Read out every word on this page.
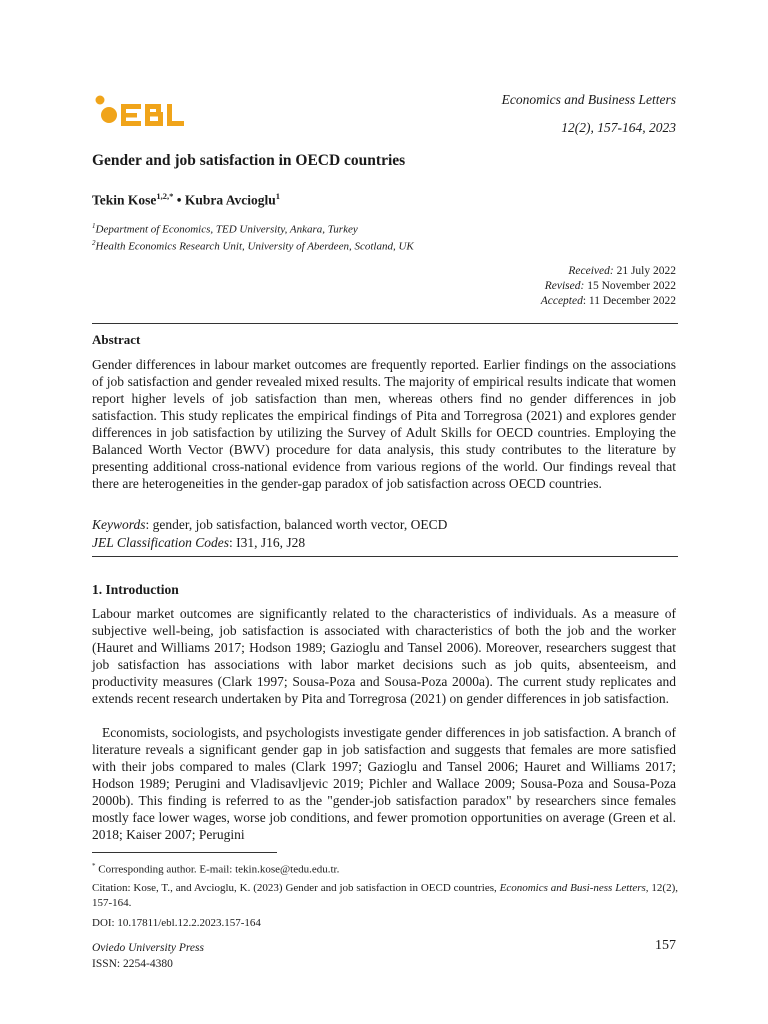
Economics and Business Letters
12(2), 157-164, 2023
Gender and job satisfaction in OECD countries
Tekin Kose$^{1,2,*}$ • Kubra Avcioglu$^1$
$^1$Department of Economics, TED University, Ankara, Turkey
$^2$Health Economics Research Unit, University of Aberdeen, Scotland, UK
Received: 21 July 2022
Revised: 15 November 2022
Accepted: 11 December 2022
Abstract
Gender differences in labour market outcomes are frequently reported. Earlier findings on the associations of job satisfaction and gender revealed mixed results. The majority of empirical results indicate that women report higher levels of job satisfaction than men, whereas others find no gender differences in job satisfaction. This study replicates the empirical findings of Pita and Torregrosa (2021) and explores gender differences in job satisfaction by utilizing the Survey of Adult Skills for OECD countries. Employing the Balanced Worth Vector (BWV) procedure for data analysis, this study contributes to the literature by presenting additional cross-national evidence from various regions of the world. Our findings reveal that there are heterogeneities in the gender-gap paradox of job satisfaction across OECD countries.
Keywords: gender, job satisfaction, balanced worth vector, OECD
JEL Classification Codes: I31, J16, J28
1. Introduction
Labour market outcomes are significantly related to the characteristics of individuals. As a measure of subjective well-being, job satisfaction is associated with characteristics of both the job and the worker (Hauret and Williams 2017; Hodson 1989; Gazioglu and Tansel 2006). Moreover, researchers suggest that job satisfaction has associations with labor market decisions such as job quits, absenteeism, and productivity measures (Clark 1997; Sousa-Poza and Sousa-Poza 2000a). The current study replicates and extends recent research undertaken by Pita and Torregrosa (2021) on gender differences in job satisfaction.
Economists, sociologists, and psychologists investigate gender differences in job satisfaction. A branch of literature reveals a significant gender gap in job satisfaction and suggests that females are more satisfied with their jobs compared to males (Clark 1997; Gazioglu and Tansel 2006; Hauret and Williams 2017; Hodson 1989; Perugini and Vladisavljevic 2019; Pichler and Wallace 2009; Sousa-Poza and Sousa-Poza 2000b). This finding is referred to as the "gender-job satisfaction paradox" by researchers since females mostly face lower wages, worse job conditions, and fewer promotion opportunities on average (Green et al. 2018; Kaiser 2007; Perugini
* Corresponding author. E-mail: tekin.kose@tedu.edu.tr.
Citation: Kose, T., and Avcioglu, K. (2023) Gender and job satisfaction in OECD countries, Economics and Busi-ness Letters, 12(2), 157-164.
DOI: 10.17811/ebl.12.2.2023.157-164
Oviedo University Press
ISSN: 2254-4380
157
